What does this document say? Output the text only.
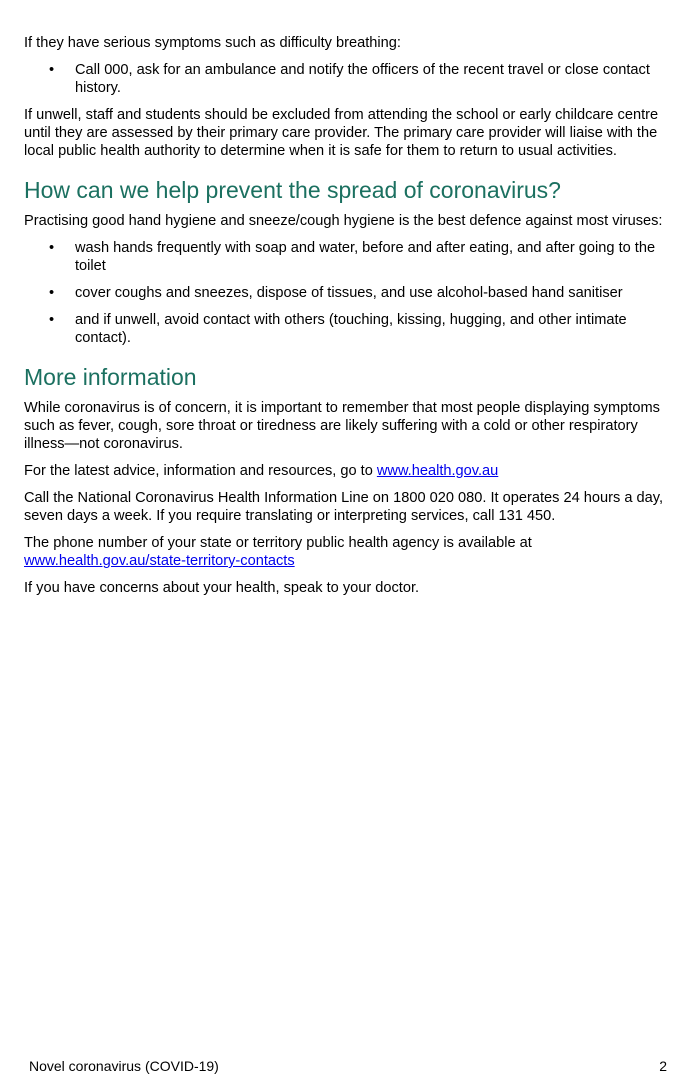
If they have serious symptoms such as difficulty breathing:

• Call 000, ask for an ambulance and notify the officers of the recent travel or close contact history.

If unwell, staff and students should be excluded from attending the school or early childcare centre until they are assessed by their primary care provider. The primary care provider will liaise with the local public health authority to determine when it is safe for them to return to usual activities.

How can we help prevent the spread of coronavirus?

Practising good hand hygiene and sneeze/cough hygiene is the best defence against most viruses:

• wash hands frequently with soap and water, before and after eating, and after going to the toilet
• cover coughs and sneezes, dispose of tissues, and use alcohol-based hand sanitiser
• and if unwell, avoid contact with others (touching, kissing, hugging, and other intimate contact).
More information

While coronavirus is of concern, it is important to remember that most people displaying symptoms such as fever, cough, sore throat or tiredness are likely suffering with a cold or other respiratory illness—not coronavirus.

For the latest advice, information and resources, go to www.health.gov.au

Call the National Coronavirus Health Information Line on 1800 020 080. It operates 24 hours a day, seven days a week. If you require translating or interpreting services, call 131 450.

The phone number of your state or territory public health agency is available at
www.health.gov.au/state-territory-contacts

If you have concerns about your health, speak to your doctor.

Novel coronavirus (COVID-19)	2
